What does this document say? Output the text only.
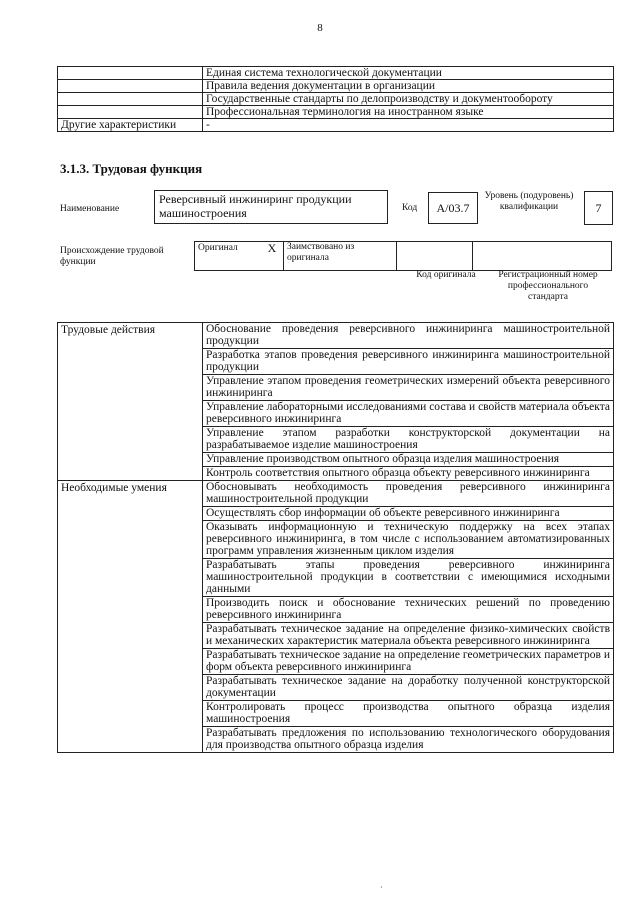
8
	Единая система технологической документации
	Правила ведения документации в организации
	Государственные стандарты по делопроизводству и документообороту
	Профессиональная терминология на иностранном языке
Другие характеристики	-
3.1.3. Трудовая функция
Наименование
Реверсивный инжиниринг продукции машиностроения	Код	A/03.7
Уровень (подуровень) квалификации	7
Происхождение трудовой функции
Оригинал	X	Заимствовано из оригинала		
Код оригинала	Регистрационный номер профессионального стандарта
Трудовые действия	Обоснование проведения реверсивного инжиниринга машиностроительной продукции
	Разработка этапов проведения реверсивного инжиниринга машиностроительной продукции
	Управление этапом проведения геометрических измерений объекта реверсивного инжиниринга
	Управление лабораторными исследованиями состава и свойств материала объекта реверсивного инжиниринга
	Управление этапом разработки конструкторской документации на разрабатываемое изделие машиностроения
	Управление производством опытного образца изделия машиностроения
	Контроль соответствия опытного образца объекту реверсивного инжиниринга
Необходимые умения	Обосновывать необходимость проведения реверсивного инжиниринга машиностроительной продукции
	Осуществлять сбор информации об объекте реверсивного инжиниринга
	Оказывать информационную и техническую поддержку на всех этапах реверсивного инжиниринга, в том числе с использованием автоматизированных программ управления жизненным циклом изделия
	Разрабатывать этапы проведения реверсивного инжиниринга машиностроительной продукции в соответствии с имеющимися исходными данными
	Производить поиск и обоснование технических решений по проведению реверсивного инжиниринга
	Разрабатывать техническое задание на определение физико-химических свойств и механических характеристик материала объекта реверсивного инжиниринга
	Разрабатывать техническое задание на определение геометрических параметров и форм объекта реверсивного инжиниринга
	Разрабатывать техническое задание на доработку полученной конструкторской документации
	Контролировать процесс производства опытного образца изделия машиностроения
	Разрабатывать предложения по использованию технологического оборудования для производства опытного образца изделия
·
